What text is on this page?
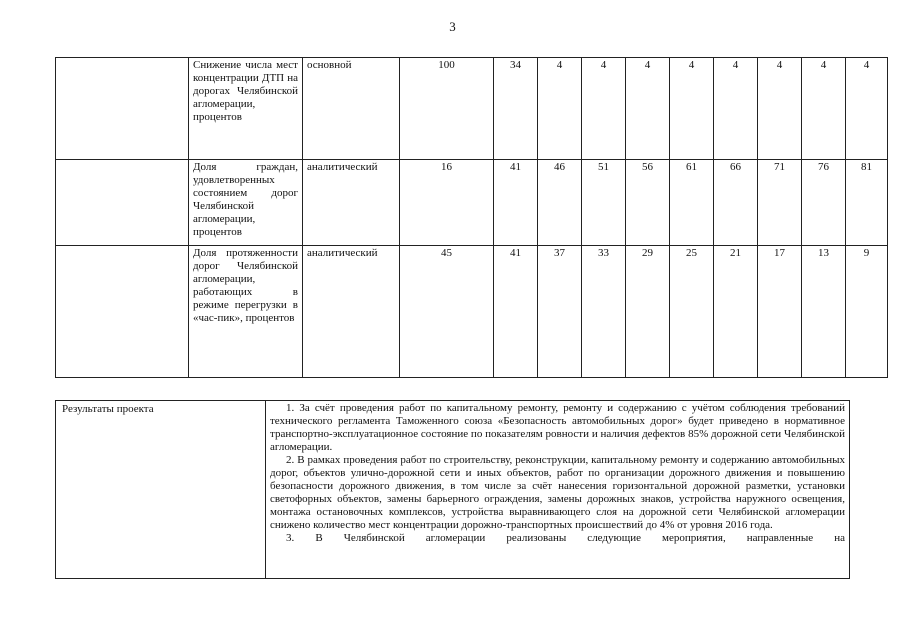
3
	Снижение числа мест концентрации ДТП на дорогах Челябинской агломерации, процентов	основной	100	34	4	4	4	4	4	4	4	4
	Доля граждан, удовлетворенных состоянием дорог Челябинской агломерации, процентов	аналитический	16	41	46	51	56	61	66	71	76	81
	Доля протяженности дорог Челябинской агломерации, работающих в режиме перегрузки в «час-пик», процентов	аналитический	45	41	37	33	29	25	21	17	13	9
Результаты проекта	1. За счёт проведения работ по капитальному ремонту, ремонту и содержанию с учётом соблюдения требований технического регламента Таможенного союза «Безопасность автомобильных дорог» будет приведено в нормативное транспортно-эксплуатационное состояние по показателям ровности и наличия дефектов 85% дорожной сети Челябинской агломерации.

2. В рамках проведения работ по строительству, реконструкции, капитальному ремонту и содержанию автомобильных дорог, объектов улично-дорожной сети и иных объектов, работ по организации дорожного движения и повышению безопасности дорожного движения, в том числе за счёт нанесения горизонтальной дорожной разметки, установки светофорных объектов, замены барьерного ограждения, замены дорожных знаков, устройства наружного освещения, монтажа остановочных комплексов, устройства выравнивающего слоя на дорожной сети Челябинской агломерации снижено количество мест концентрации дорожно-транспортных происшествий до 4% от уровня 2016 года.

3. В Челябинской агломерации реализованы следующие мероприятия, направленные на
